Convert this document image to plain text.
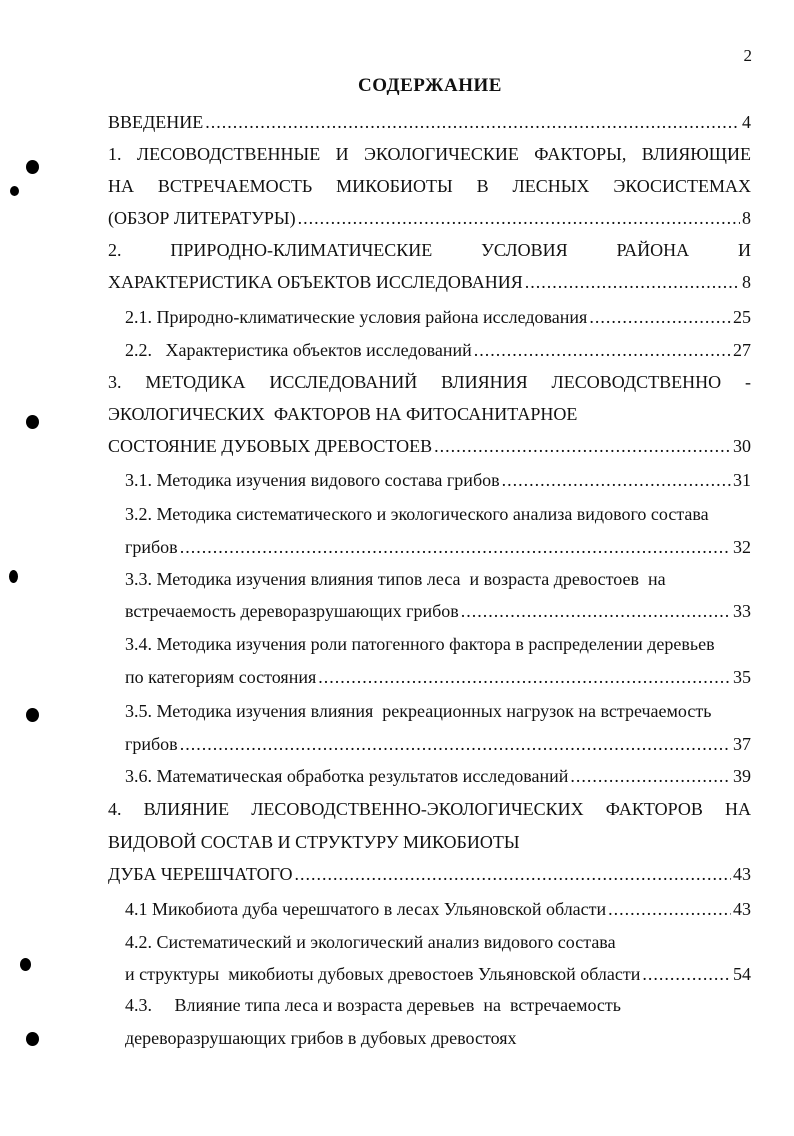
2
СОДЕРЖАНИЕ
ВВЕДЕНИЕ .....	4
1. ЛЕСОВОДСТВЕННЫЕ И ЭКОЛОГИЧЕСКИЕ ФАКТОРЫ, ВЛИЯЮЩИЕ
НА ВСТРЕЧАЕМОСТЬ МИКОБИОТЫ В ЛЕСНЫХ ЭКОСИСТЕМАХ
(ОБЗОР ЛИТЕРАТУРЫ) .....	8
2.	ПРИРОДНО-КЛИМАТИЧЕСКИЕ	УСЛОВИЯ	РАЙОНА	И
ХАРАКТЕРИСТИКА ОБЪЕКТОВ ИССЛЕДОВАНИЯ .....	8
2.1. Природно-климатические условия района исследования .....	25
2.2.   Характеристика объектов исследований .....	27
3. МЕТОДИКА ИССЛЕДОВАНИЙ ВЛИЯНИЯ ЛЕСОВОДСТВЕННО -
ЭКОЛОГИЧЕСКИХ  ФАКТОРОВ НА ФИТОСАНИТАРНОЕ
СОСТОЯНИЕ ДУБОВЫХ ДРЕВОСТОЕВ .....	30
3.1. Методика изучения видового состава грибов .....	31
3.2. Методика систематического и экологического анализа видового состава
грибов .....	32
3.3. Методика изучения влияния типов леса  и возраста древостоев  на
встречаемость дереворазрушающих грибов .....	33
3.4. Методика изучения роли патогенного фактора в распределении деревьев
по категориям состояния .....	35
3.5. Методика изучения влияния  рекреационных нагрузок на встречаемость
грибов .....	37
3.6. Математическая обработка результатов исследований .....	39
4. ВЛИЯНИЕ ЛЕСОВОДСТВЕННО-ЭКОЛОГИЧЕСКИХ ФАКТОРОВ НА
ВИДОВОЙ СОСТАВ И СТРУКТУРУ МИКОБИОТЫ
ДУБА ЧЕРЕШЧАТОГО .....	43
4.1 Микобиота дуба черешчатого в лесах Ульяновской области .....	43
4.2. Систематический и экологический анализ видового состава
и структуры  микобиоты дубовых древостоев Ульяновской области .....	54
4.3.     Влияние типа леса и возраста деревьев  на  встречаемость
дереворазрушающих грибов в дубовых древостоях
